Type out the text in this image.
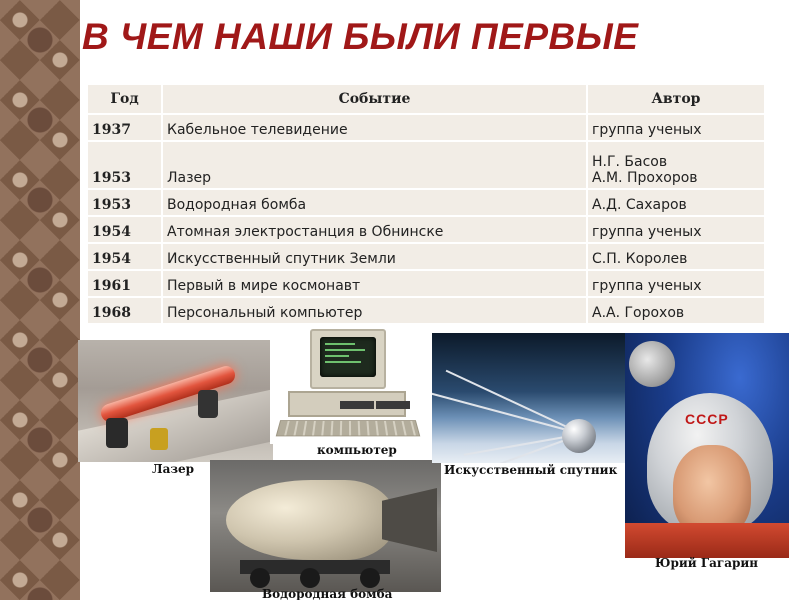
В ЧЕМ НАШИ БЫЛИ ПЕРВЫЕ
Год	Событие	Автор
1937	Кабельное телевидение	группа ученых

1953	Лазер	Н.Г. Басов
А.М. Прохоров

1953	Водородная бомба	А.Д. Сахаров

1954	Атомная электростанция в Обнинске	группа ученых

1954	Искусственный спутник Земли	С.П. Королев

1961	Первый в мире космонавт	группа ученых

1968	Персональный компьютер	А.А. Горохов
Лазер
компьютер
Водородная бомба
Искусственный спутник
СССР
Юрий Гагарин
